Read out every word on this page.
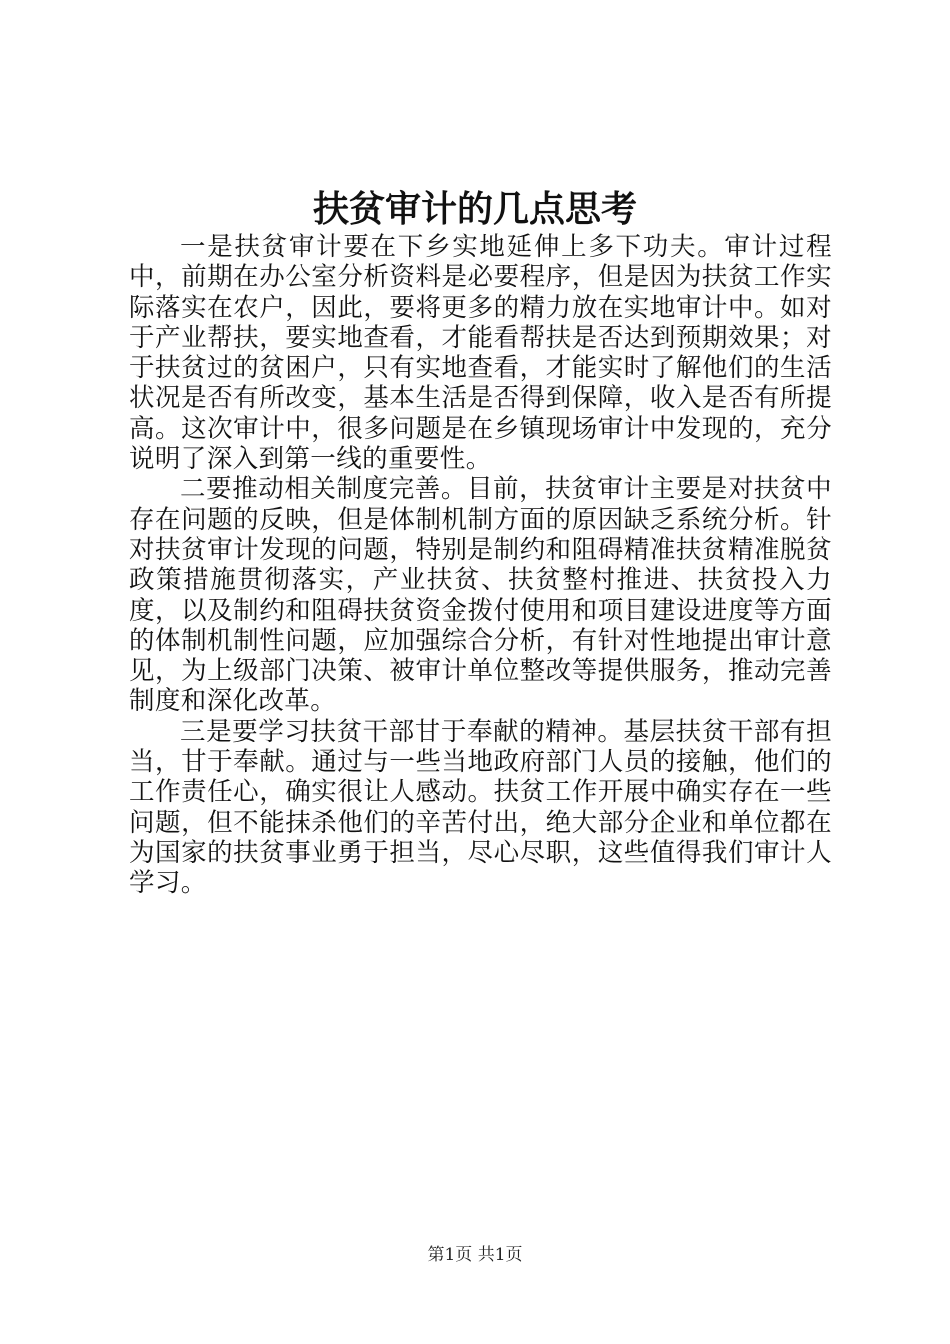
扶贫审计的几点思考

一是扶贫审计要在下乡实地延伸上多下功夫。审计过程中，前期在办公室分析资料是必要程序，但是因为扶贫工作实际落实在农户，因此，要将更多的精力放在实地审计中。如对于产业帮扶，要实地查看，才能看帮扶是否达到预期效果；对于扶贫过的贫困户，只有实地查看，才能实时了解他们的生活状况是否有所改变，基本生活是否得到保障，收入是否有所提高。这次审计中，很多问题是在乡镇现场审计中发现的，充分说明了深入到第一线的重要性。

二要推动相关制度完善。目前，扶贫审计主要是对扶贫中存在问题的反映，但是体制机制方面的原因缺乏系统分析。针对扶贫审计发现的问题，特别是制约和阻碍精准扶贫精准脱贫政策措施贯彻落实，产业扶贫、扶贫整村推进、扶贫投入力度，以及制约和阻碍扶贫资金拨付使用和项目建设进度等方面的体制机制性问题，应加强综合分析，有针对性地提出审计意见，为上级部门决策、被审计单位整改等提供服务，推动完善制度和深化改革。

三是要学习扶贫干部甘于奉献的精神。基层扶贫干部有担当，甘于奉献。通过与一些当地政府部门人员的接触，他们的工作责任心，确实很让人感动。扶贫工作开展中确实存在一些问题，但不能抹杀他们的辛苦付出，绝大部分企业和单位都在为国家的扶贫事业勇于担当，尽心尽职，这些值得我们审计人学习。

第1页 共1页
